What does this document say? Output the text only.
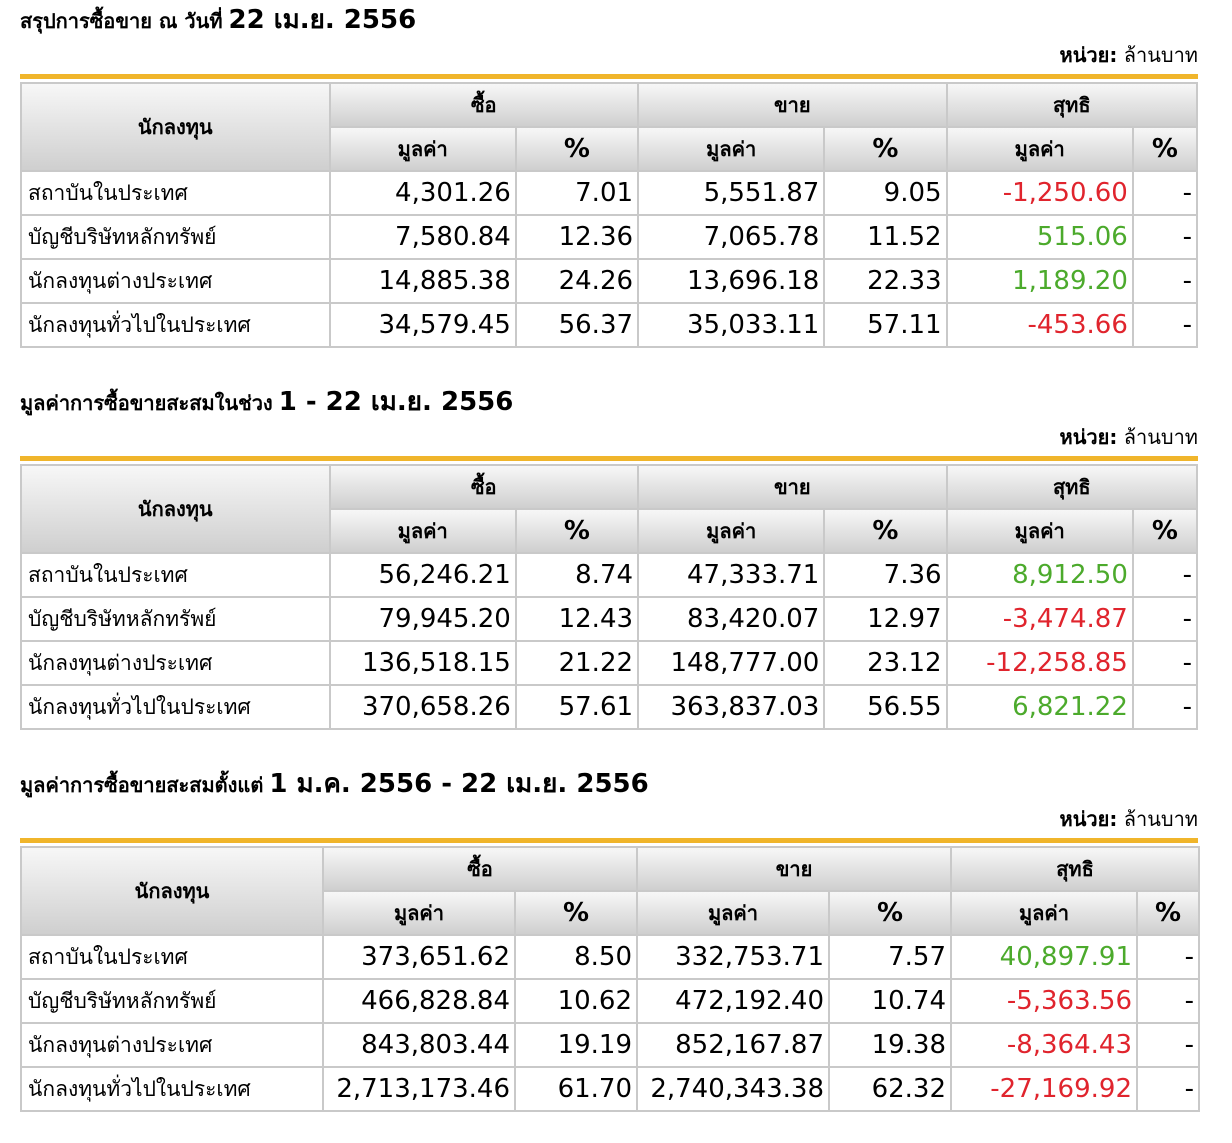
สรุปการซื้อขาย ณ วันที่ 22 เม.ย. 2556
หน่วย: ล้านบาท
นักลงทุน	ซื้อ		ขาย		สุทธิ	
	มูลค่า	%	มูลค่า	%	มูลค่า	%
สถาบันในประเทศ	4,301.26	7.01	5,551.87	9.05	-1,250.60	-
บัญชีบริษัทหลักทรัพย์	7,580.84	12.36	7,065.78	11.52	515.06	-
นักลงทุนต่างประเทศ	14,885.38	24.26	13,696.18	22.33	1,189.20	-
นักลงทุนทั่วไปในประเทศ	34,579.45	56.37	35,033.11	57.11	-453.66	-
มูลค่าการซื้อขายสะสมในช่วง 1 - 22 เม.ย. 2556
หน่วย: ล้านบาท
นักลงทุน	ซื้อ		ขาย		สุทธิ	
	มูลค่า	%	มูลค่า	%	มูลค่า	%
สถาบันในประเทศ	56,246.21	8.74	47,333.71	7.36	8,912.50	-
บัญชีบริษัทหลักทรัพย์	79,945.20	12.43	83,420.07	12.97	-3,474.87	-
นักลงทุนต่างประเทศ	136,518.15	21.22	148,777.00	23.12	-12,258.85	-
นักลงทุนทั่วไปในประเทศ	370,658.26	57.61	363,837.03	56.55	6,821.22	-
มูลค่าการซื้อขายสะสมตั้งแต่ 1 ม.ค. 2556 - 22 เม.ย. 2556
หน่วย: ล้านบาท
นักลงทุน	ซื้อ		ขาย		สุทธิ	
	มูลค่า	%	มูลค่า	%	มูลค่า	%
สถาบันในประเทศ	373,651.62	8.50	332,753.71	7.57	40,897.91	-
บัญชีบริษัทหลักทรัพย์	466,828.84	10.62	472,192.40	10.74	-5,363.56	-
นักลงทุนต่างประเทศ	843,803.44	19.19	852,167.87	19.38	-8,364.43	-
นักลงทุนทั่วไปในประเทศ	2,713,173.46	61.70	2,740,343.38	62.32	-27,169.92	-
